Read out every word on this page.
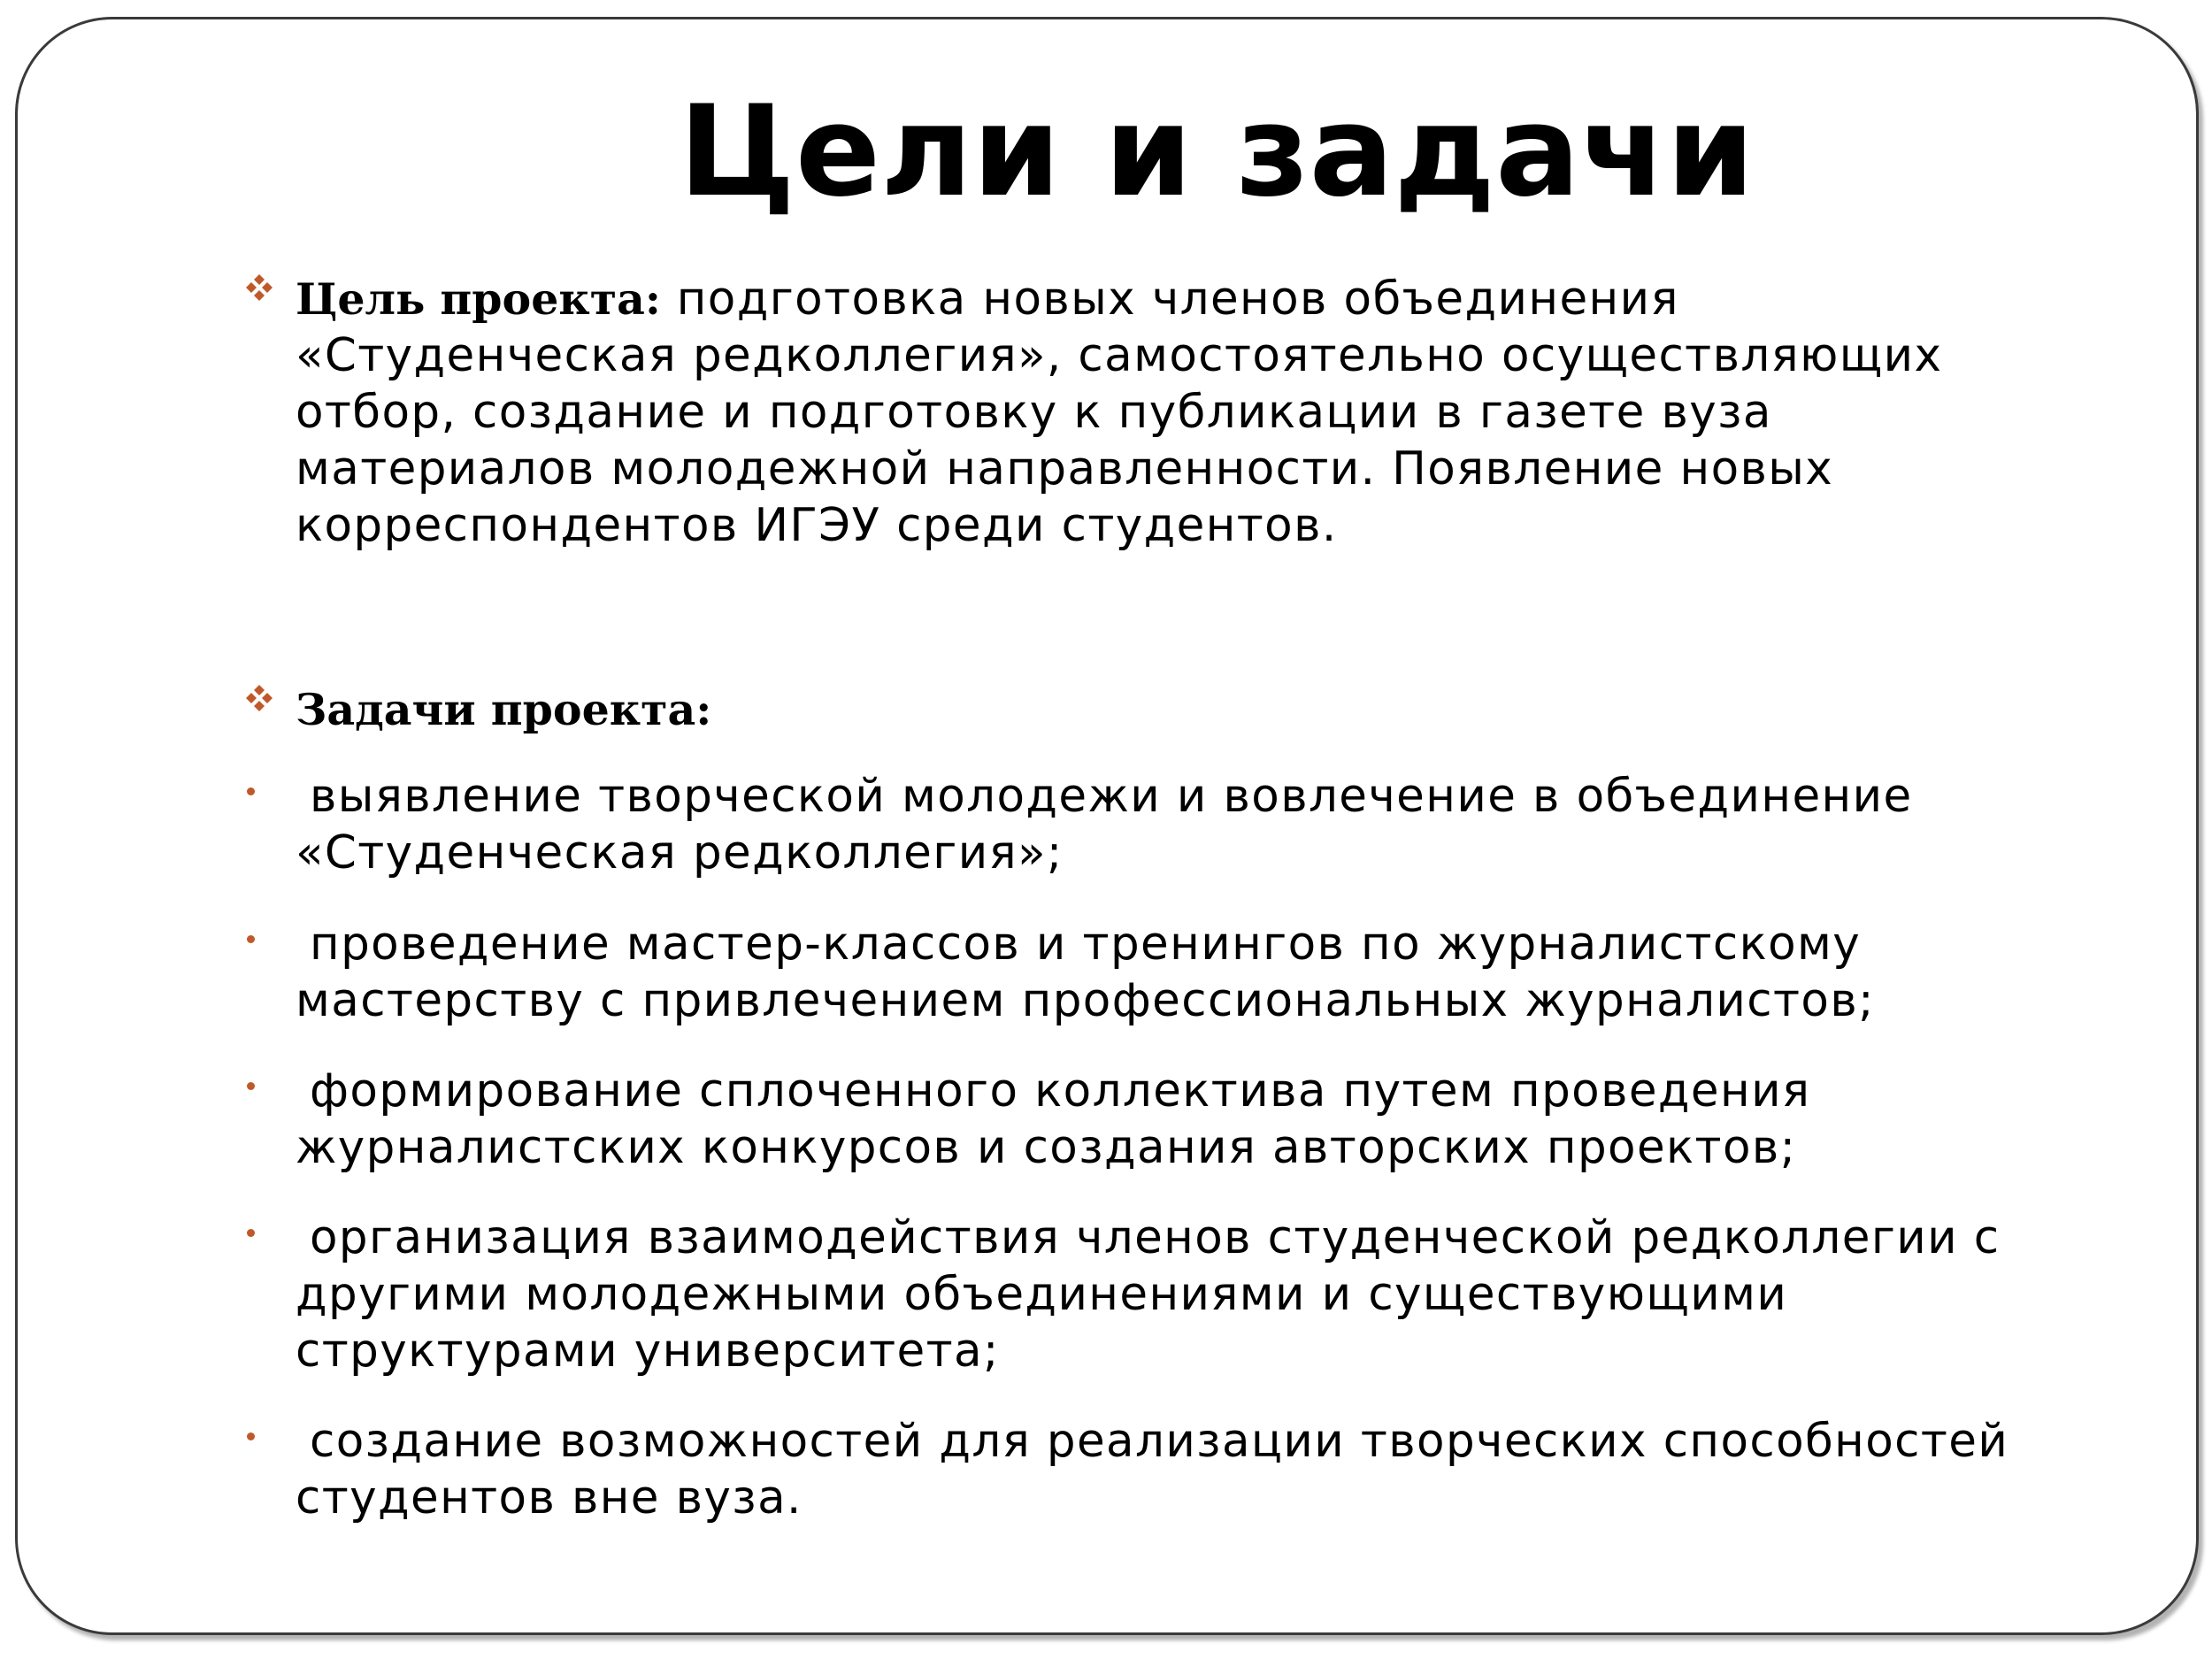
Цели и задачи

Цель проекта: подготовка новых членов объединения «Студенческая редколлегия», самостоятельно осуществляющих отбор, создание и подготовку к публикации в газете вуза материалов молодежной направленности. Появление новых корреспондентов ИГЭУ среди студентов.

Задачи проекта:

выявление творческой молодежи и вовлечение в объединение «Студенческая редколлегия»;
проведение мастер-классов и тренингов по журналистскому мастерству с привлечением профессиональных журналистов;
формирование сплоченного коллектива путем проведения журналистских конкурсов и создания авторских проектов;
организация взаимодействия членов студенческой редколлегии с другими молодежными объединениями и существующими структурами университета;
создание возможностей для реализации творческих способностей студентов вне вуза.
